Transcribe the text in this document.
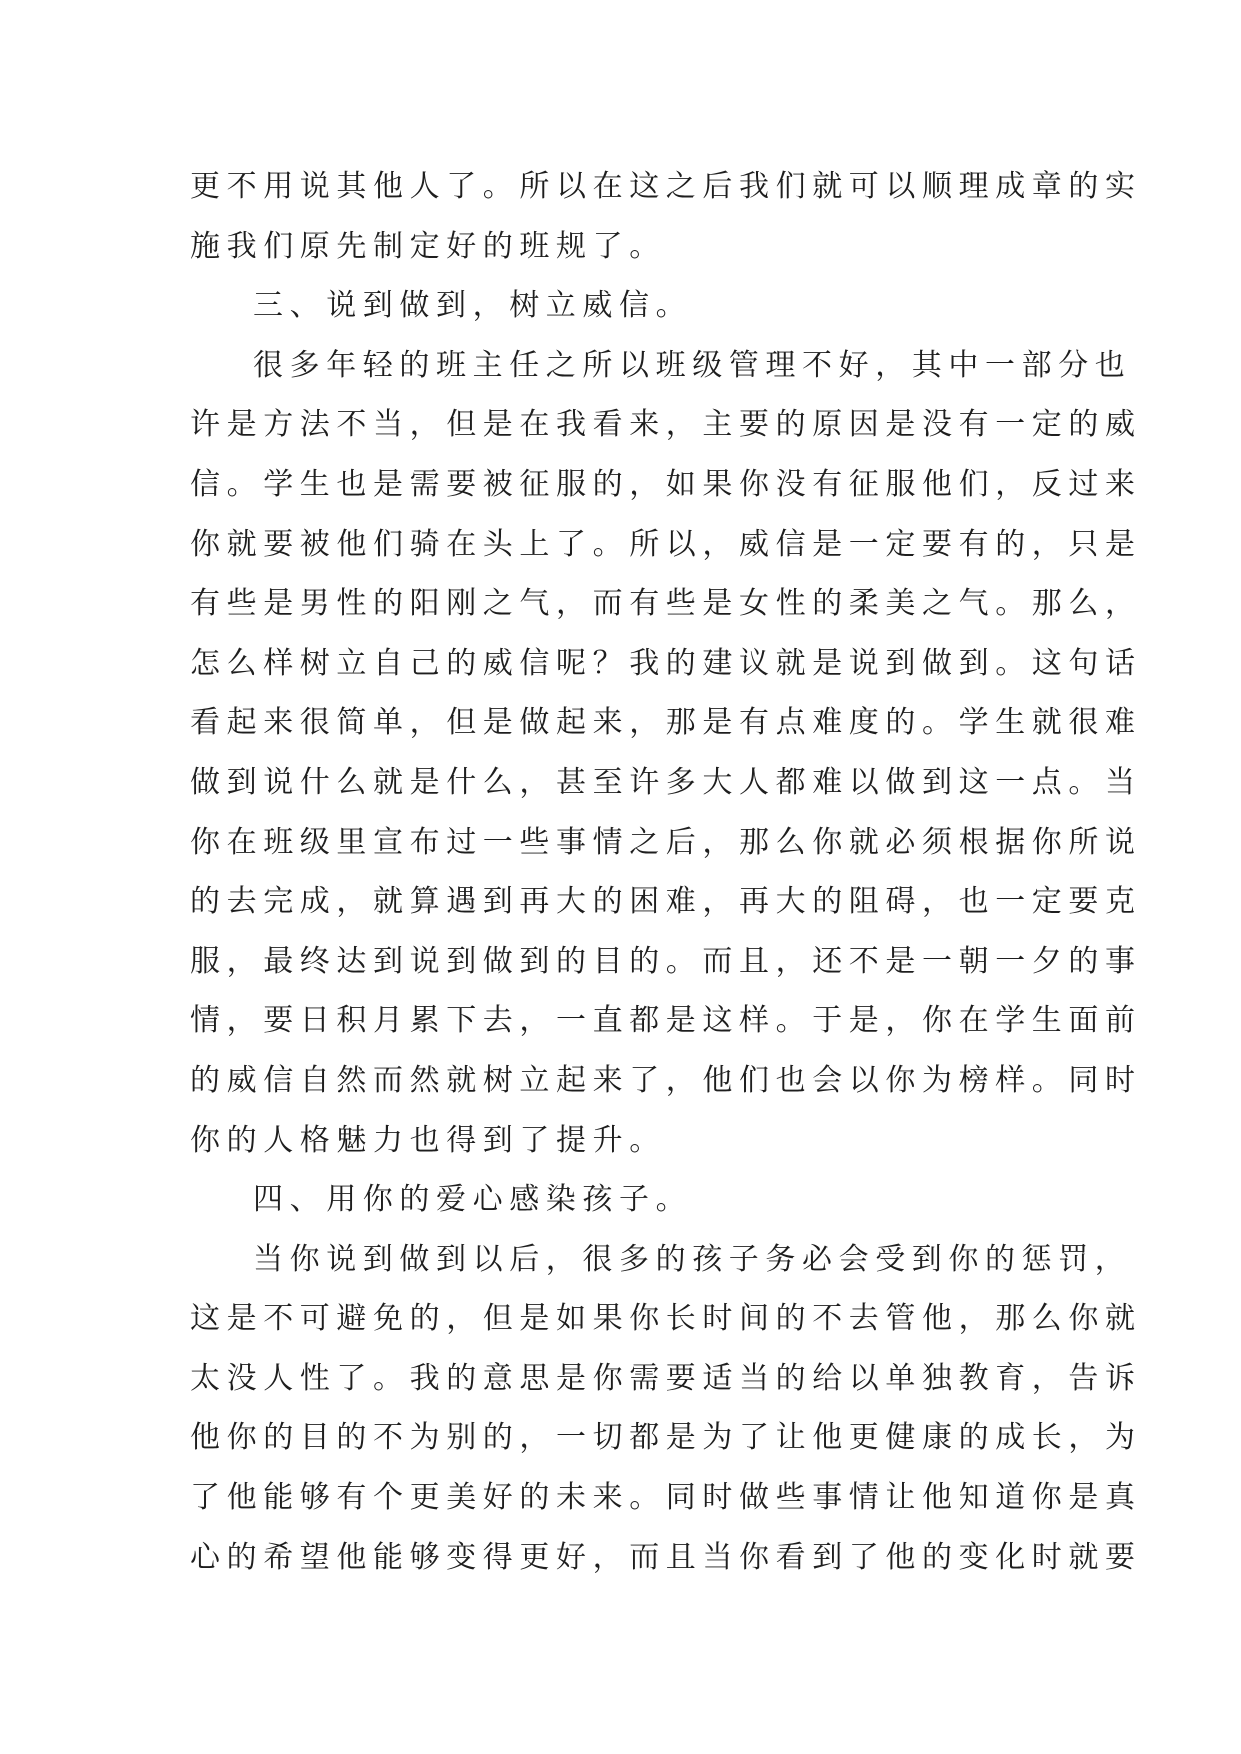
更不用说其他人了。所以在这之后我们就可以顺理成章的实
施我们原先制定好的班规了。
三、说到做到，树立威信。
很多年轻的班主任之所以班级管理不好，其中一部分也
许是方法不当，但是在我看来，主要的原因是没有一定的威
信。学生也是需要被征服的，如果你没有征服他们，反过来
你就要被他们骑在头上了。所以，威信是一定要有的，只是
有些是男性的阳刚之气，而有些是女性的柔美之气。那么，
怎么样树立自己的威信呢？我的建议就是说到做到。这句话
看起来很简单，但是做起来，那是有点难度的。学生就很难
做到说什么就是什么，甚至许多大人都难以做到这一点。当
你在班级里宣布过一些事情之后，那么你就必须根据你所说
的去完成，就算遇到再大的困难，再大的阻碍，也一定要克
服，最终达到说到做到的目的。而且，还不是一朝一夕的事
情，要日积月累下去，一直都是这样。于是，你在学生面前
的威信自然而然就树立起来了，他们也会以你为榜样。同时
你的人格魅力也得到了提升。
四、用你的爱心感染孩子。
当你说到做到以后，很多的孩子务必会受到你的惩罚，
这是不可避免的，但是如果你长时间的不去管他，那么你就
太没人性了。我的意思是你需要适当的给以单独教育，告诉
他你的目的不为别的，一切都是为了让他更健康的成长，为
了他能够有个更美好的未来。同时做些事情让他知道你是真
心的希望他能够变得更好，而且当你看到了他的变化时就要
